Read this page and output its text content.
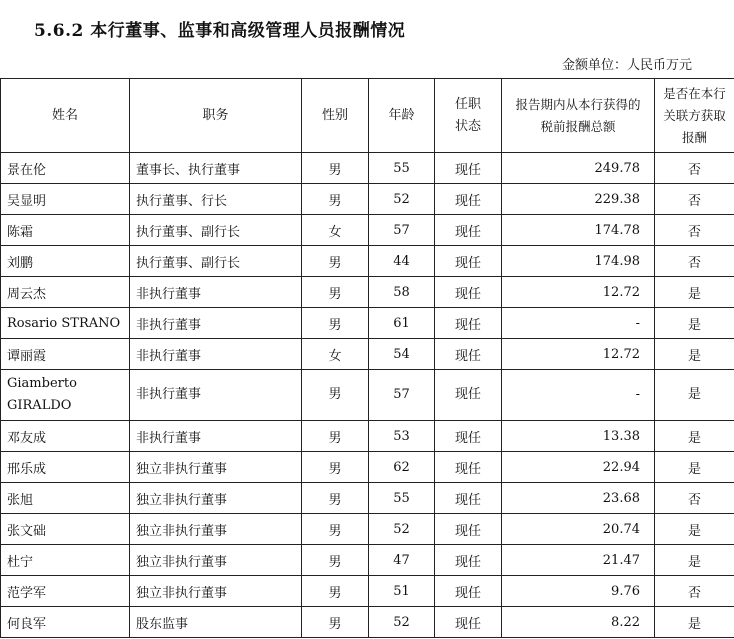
5.6.2 本行董事、监事和高级管理人员报酬情况
金额单位：人民币万元
姓名	职务	性别	年龄	任职状态	报告期内从本行获得的税前报酬总额	是否在本行关联方获取报酬
景在伦	董事长、执行董事	男	55	现任	249.78	否
吴显明	执行董事、行长	男	52	现任	229.38	否
陈霜	执行董事、副行长	女	57	现任	174.78	否
刘鹏	执行董事、副行长	男	44	现任	174.98	否
周云杰	非执行董事	男	58	现任	12.72	是
Rosario STRANO	非执行董事	男	61	现任	-	是
谭丽霞	非执行董事	女	54	现任	12.72	是
Giamberto GIRALDO	非执行董事	男	57	现任	-	是
邓友成	非执行董事	男	53	现任	13.38	是
邢乐成	独立非执行董事	男	62	现任	22.94	是
张旭	独立非执行董事	男	55	现任	23.68	否
张文础	独立非执行董事	男	52	现任	20.74	是
杜宁	独立非执行董事	男	47	现任	21.47	是
范学军	独立非执行董事	男	51	现任	9.76	否
何良军	股东监事	男	52	现任	8.22	是
